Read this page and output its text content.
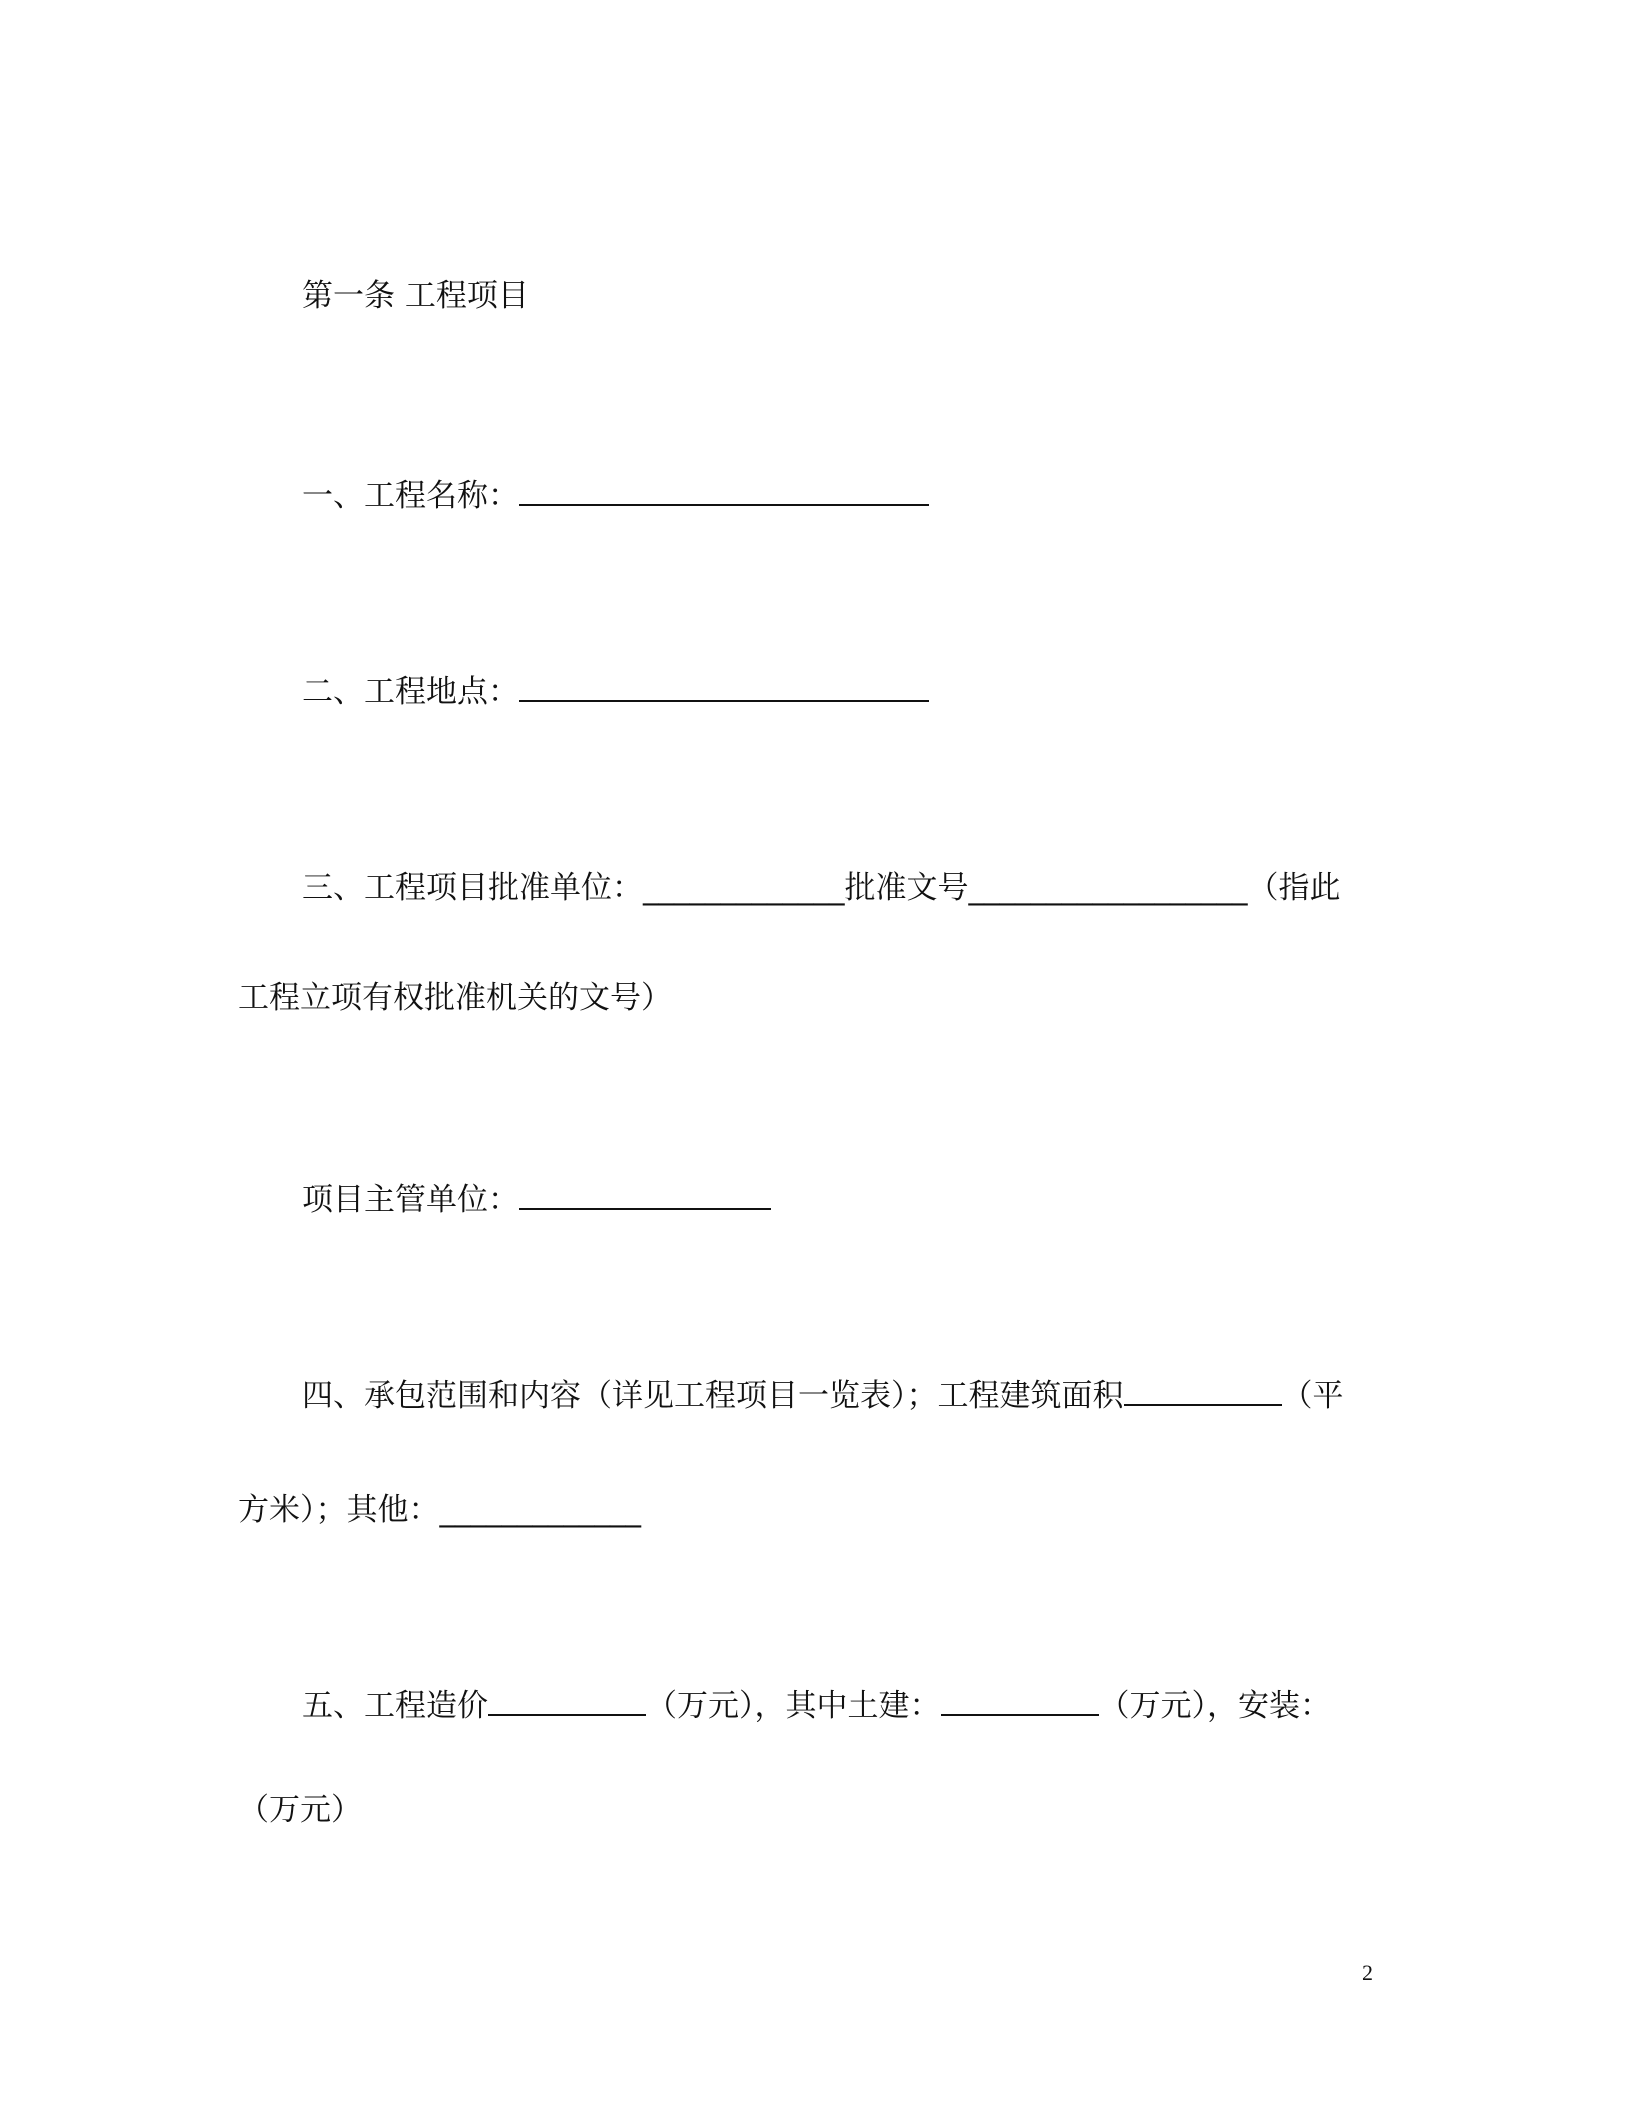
第一条 工程项目
一、工程名称：
二、工程地点：
三、工程项目批准单位：_____________批准文号__________________（指此
工程立项有权批准机关的文号）
项目主管单位：
四、承包范围和内容（详见工程项目一览表）；工程建筑面积	（平
方米）；其他：_____________
五、工程造价	（万元），其中土建：	（万元），安装：
（万元）
2
